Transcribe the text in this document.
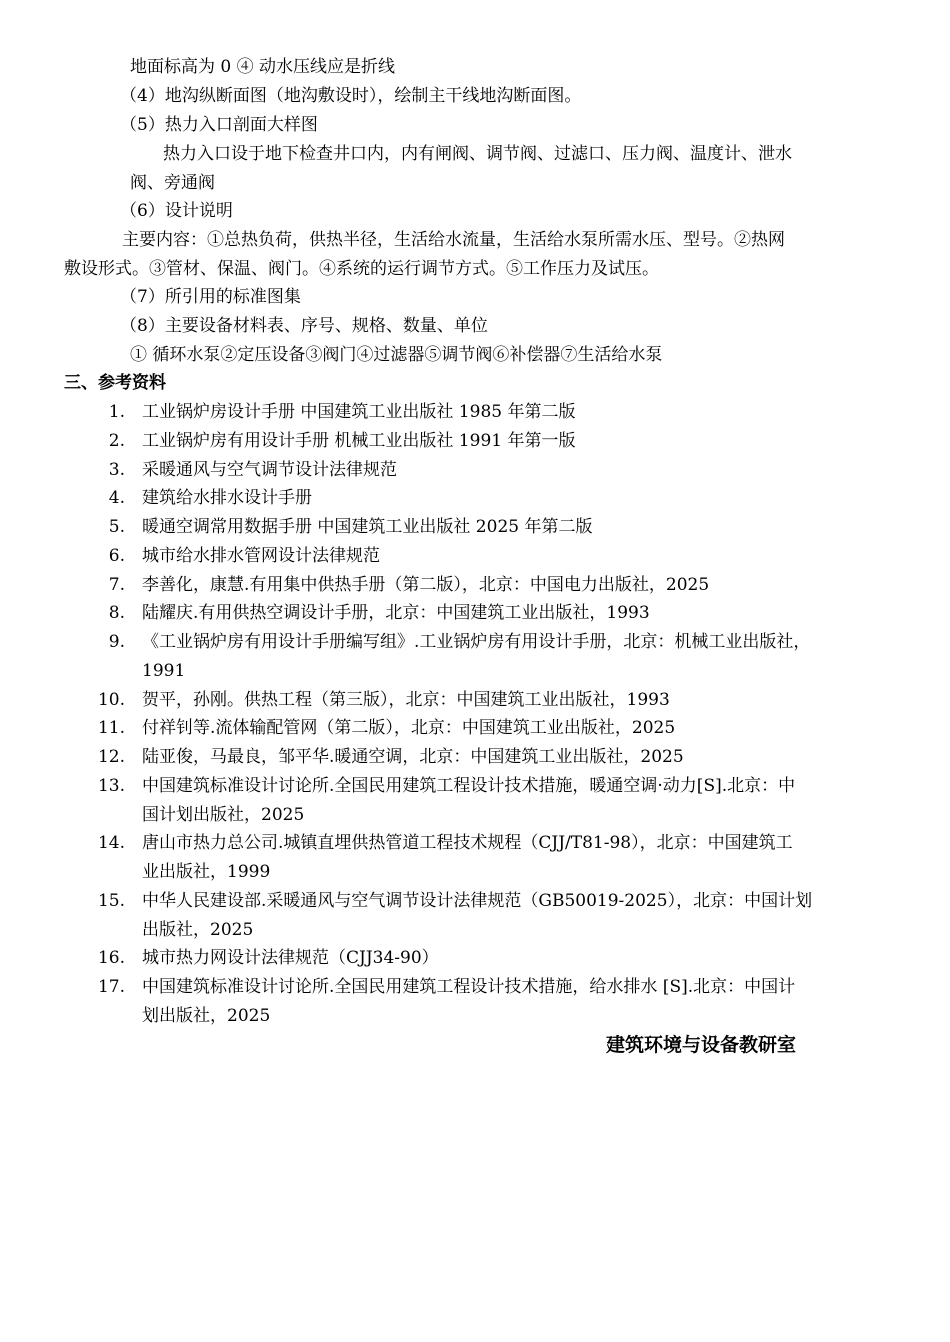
地面标高为 0 ④ 动水压线应是折线
（4）地沟纵断面图（地沟敷设时），绘制主干线地沟断面图。
（5）热力入口剖面大样图
热力入口设于地下检查井口内，内有闸阀、调节阀、过滤口、压力阀、温度计、泄水
阀、旁通阀
（6）设计说明
主要内容：①总热负荷，供热半径，生活给水流量，生活给水泵所需水压、型号。②热网
敷设形式。③管材、保温、阀门。④系统的运行调节方式。⑤工作压力及试压。
（7）所引用的标准图集
（8）主要设备材料表、序号、规格、数量、单位
① 循环水泵②定压设备③阀门④过滤器⑤调节阀⑥补偿器⑦生活给水泵
三、参考资料
1. 工业锅炉房设计手册 中国建筑工业出版社 1985 年第二版
2. 工业锅炉房有用设计手册 机械工业出版社 1991 年第一版
3. 采暖通风与空气调节设计法律规范
4. 建筑给水排水设计手册
5. 暖通空调常用数据手册 中国建筑工业出版社 2025 年第二版
6. 城市给水排水管网设计法律规范
7. 李善化，康慧.有用集中供热手册（第二版），北京：中国电力出版社，2025
8. 陆耀庆.有用供热空调设计手册，北京：中国建筑工业出版社，1993
9. 《工业锅炉房有用设计手册编写组》.工业锅炉房有用设计手册，北京：机械工业出版社，
1991
10. 贺平，孙刚。供热工程（第三版），北京：中国建筑工业出版社，1993
11. 付祥钊等.流体输配管网（第二版），北京：中国建筑工业出版社，2025
12. 陆亚俊，马最良，邹平华.暖通空调，北京：中国建筑工业出版社，2025
13. 中国建筑标准设计讨论所.全国民用建筑工程设计技术措施，暖通空调·动力[S].北京：中
国计划出版社，2025
14. 唐山市热力总公司.城镇直埋供热管道工程技术规程（CJJ/T81-98），北京：中国建筑工
业出版社，1999
15. 中华人民建设部.采暖通风与空气调节设计法律规范（GB50019-2025），北京：中国计划
出版社，2025
16. 城市热力网设计法律规范（CJJ34-90）
17. 中国建筑标准设计讨论所.全国民用建筑工程设计技术措施，给水排水 [S].北京：中国计
划出版社，2025
建筑环境与设备教研室
